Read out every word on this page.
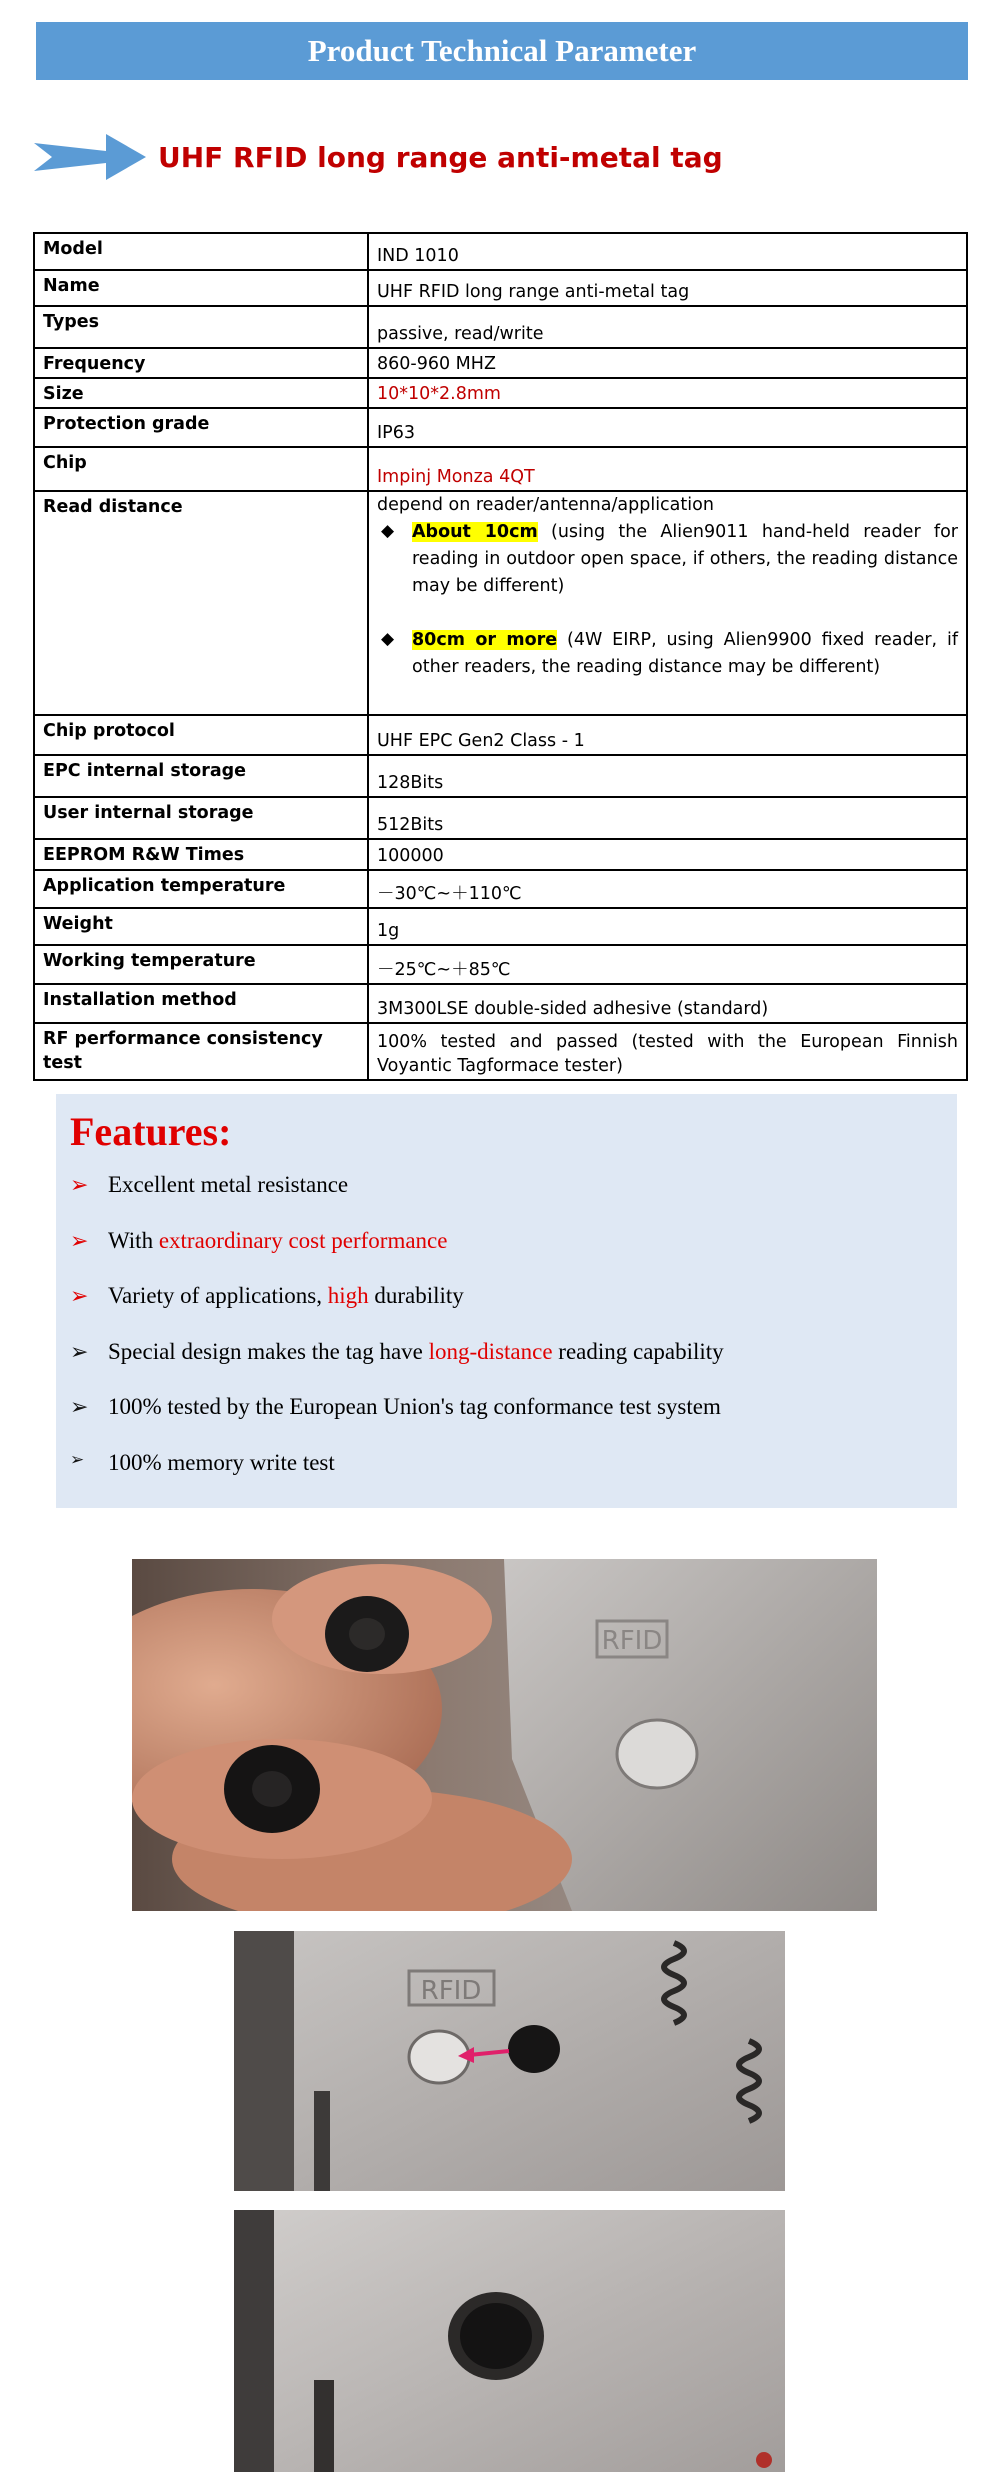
Product Technical Parameter
UHF RFID long range anti-metal tag
Model	IND 1010
Name	UHF RFID long range anti-metal tag
Types	passive, read/write
Frequency	860-960 MHZ
Size	10*10*2.8mm
Protection grade	IP63
Chip	Impinj Monza 4QT
Read distance	depend on reader/antenna/application
◆ About 10cm (using the Alien9011 hand-held reader for reading in outdoor open space, if others, the reading distance may be different)
◆ 80cm or more (4W EIRP, using Alien9900 fixed reader, if other readers, the reading distance may be different)

Chip protocol	UHF EPC Gen2 Class - 1
EPC internal storage	128Bits
User internal storage	512Bits
EEPROM R&W Times	100000
Application temperature	－30℃~＋110℃
Weight	1g
Working temperature	－25℃~＋85℃
Installation method	3M300LSE double-sided adhesive (standard)
RF performance consistency test	100% tested and passed (tested with the European Finnish Voyantic Tagformace tester)
Features:
➢ Excellent metal resistance
➢ With extraordinary cost performance
➢ Variety of applications, high durability
➢ Special design makes the tag have long-distance reading capability
➢ 100% tested by the European Union's tag conformance test system
➢	100% memory write test
RFID
RFID
